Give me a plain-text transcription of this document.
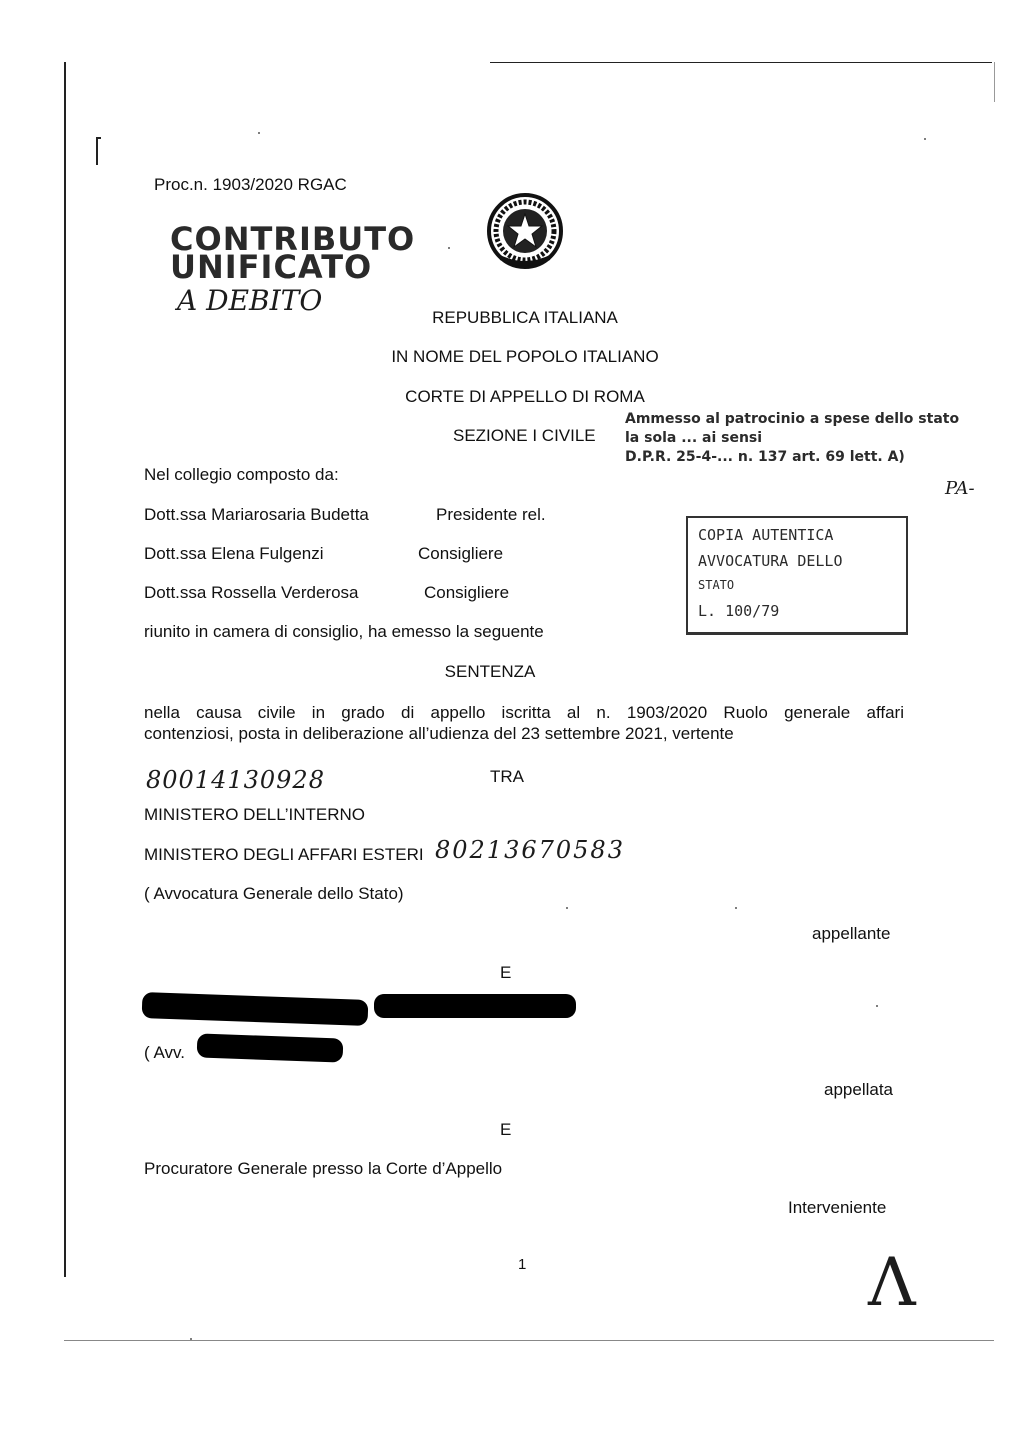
Proc.n. 1903/2020 RGAC
CONTRIBUTO
UNIFICATO
A DEBITO
REPUBBLICA ITALIANA
IN NOME DEL POPOLO ITALIANO
CORTE DI APPELLO DI ROMA
SEZIONE I CIVILE
Ammesso al patrocinio a spese dello stato
la sola ... ai sensi
D.P.R. 25-4-... n. 137 art. 69 lett. A)
PA-
Nel collegio composto da:
Dott.ssa Mariarosaria Budetta	Presidente rel.
Dott.ssa Elena Fulgenzi	Consigliere
Dott.ssa Rossella Verderosa	Consigliere
COPIA AUTENTICA
AVVOCATURA DELLO
STATO
L. 100/79
riunito in camera di consiglio, ha emesso la seguente
SENTENZA
nella causa civile in grado di appello iscritta al n. 1903/2020 Ruolo generale affari
contenziosi, posta in deliberazione all’udienza del 23 settembre 2021, vertente
80014130928	TRA
MINISTERO DELL’INTERNO
MINISTERO DEGLI AFFARI ESTERI 80213670583
( Avvocatura Generale dello Stato)
appellante
E
( Avv.
appellata
E
Procuratore Generale presso la Corte d’Appello
Interveniente
1	Λ
